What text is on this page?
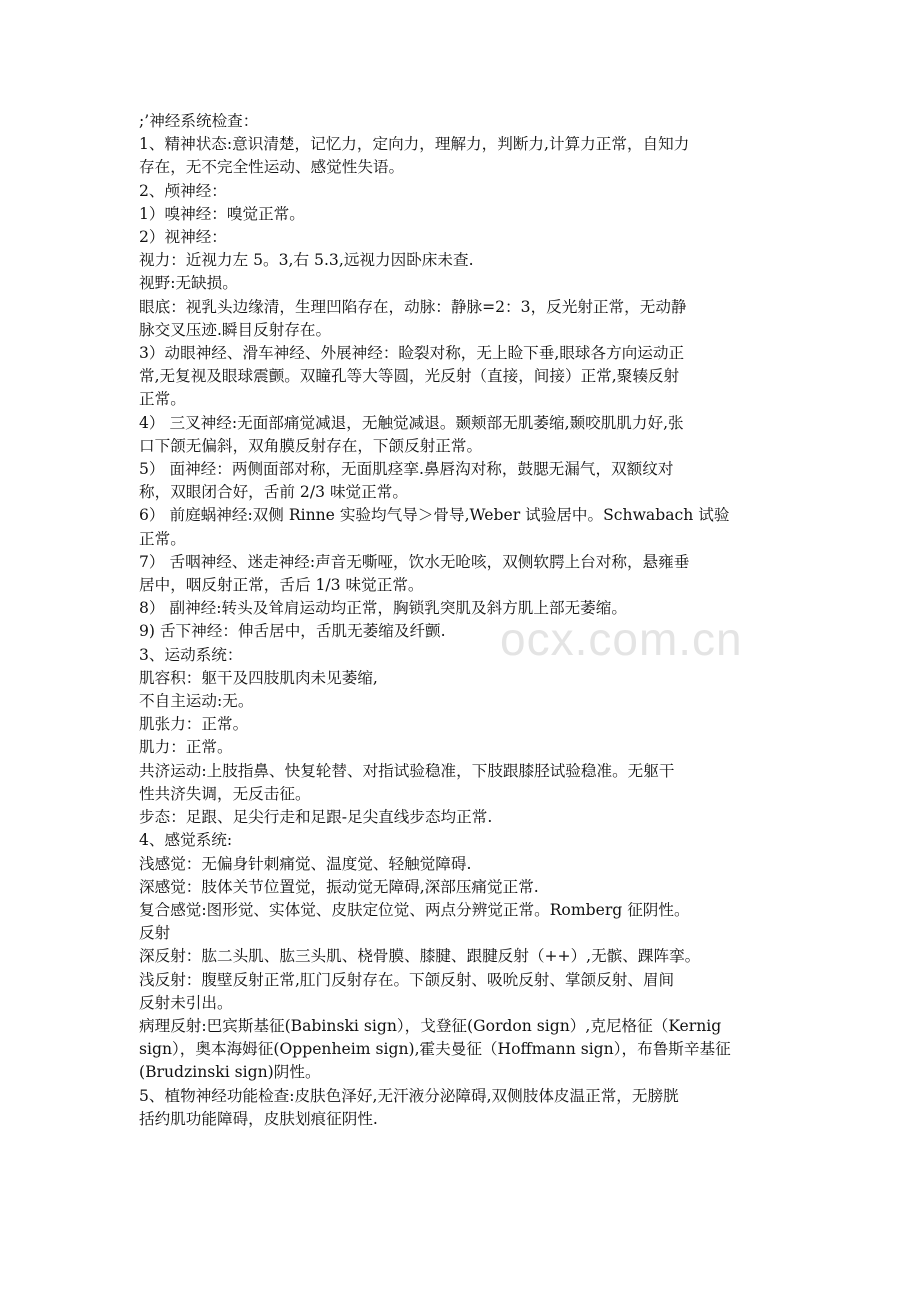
ocx.com.cn
;’神经系统检查：
1、精神状态:意识清楚，记忆力，定向力，理解力，判断力,计算力正常，自知力
存在，无不完全性运动、感觉性失语。
2、颅神经：
1）嗅神经：嗅觉正常。
2）视神经：
视力：近视力左 5。3,右 5.3,远视力因卧床未查.
视野:无缺损。
眼底：视乳头边缘清，生理凹陷存在，动脉：静脉=2：3，反光射正常，无动静
脉交叉压迹.瞬目反射存在。
3）动眼神经、滑车神经、外展神经：睑裂对称，无上睑下垂,眼球各方向运动正
常,无复视及眼球震颤。双瞳孔等大等圆，光反射（直接，间接）正常,聚辏反射
正常。
4） 三叉神经:无面部痛觉减退，无触觉减退。颞颊部无肌萎缩,颞咬肌肌力好,张
口下颌无偏斜，双角膜反射存在，下颌反射正常。
5） 面神经：两侧面部对称，无面肌痉挛.鼻唇沟对称，鼓腮无漏气，双额纹对
称，双眼闭合好，舌前 2/3 味觉正常。
6） 前庭蜗神经:双侧 Rinne 实验均气导＞骨导,Weber 试验居中。Schwabach 试验
正常。
7） 舌咽神经、迷走神经:声音无嘶哑，饮水无呛咳，双侧软腭上台对称，悬雍垂
居中，咽反射正常，舌后 1/3 味觉正常。
8） 副神经:转头及耸肩运动均正常，胸锁乳突肌及斜方肌上部无萎缩。
9) 舌下神经：伸舌居中，舌肌无萎缩及纤颤.
3、运动系统：
肌容积：躯干及四肢肌肉未见萎缩,
不自主运动:无。
肌张力：正常。
肌力：正常。
共济运动:上肢指鼻、快复轮替、对指试验稳准，下肢跟膝胫试验稳准。无躯干
性共济失调，无反击征。
步态：足跟、足尖行走和足跟-足尖直线步态均正常.
4、感觉系统:
浅感觉：无偏身针刺痛觉、温度觉、轻触觉障碍.
深感觉：肢体关节位置觉，振动觉无障碍,深部压痛觉正常.
复合感觉:图形觉、实体觉、皮肤定位觉、两点分辨觉正常。Romberg 征阴性。
反射
深反射：肱二头肌、肱三头肌、桡骨膜、膝腱、跟腱反射（++）,无髌、踝阵挛。
浅反射：腹壁反射正常,肛门反射存在。下颌反射、吸吮反射、掌颌反射、眉间
反射未引出。
病理反射:巴宾斯基征(Babinski sign），戈登征(Gordon sign）,克尼格征（Kernig
sign），奥本海姆征(Oppenheim sign),霍夫曼征（Hoffmann sign），布鲁斯辛基征
(Brudzinski sign)阴性。
5、植物神经功能检查:皮肤色泽好,无汗液分泌障碍,双侧肢体皮温正常，无膀胱
括约肌功能障碍，皮肤划痕征阴性.
